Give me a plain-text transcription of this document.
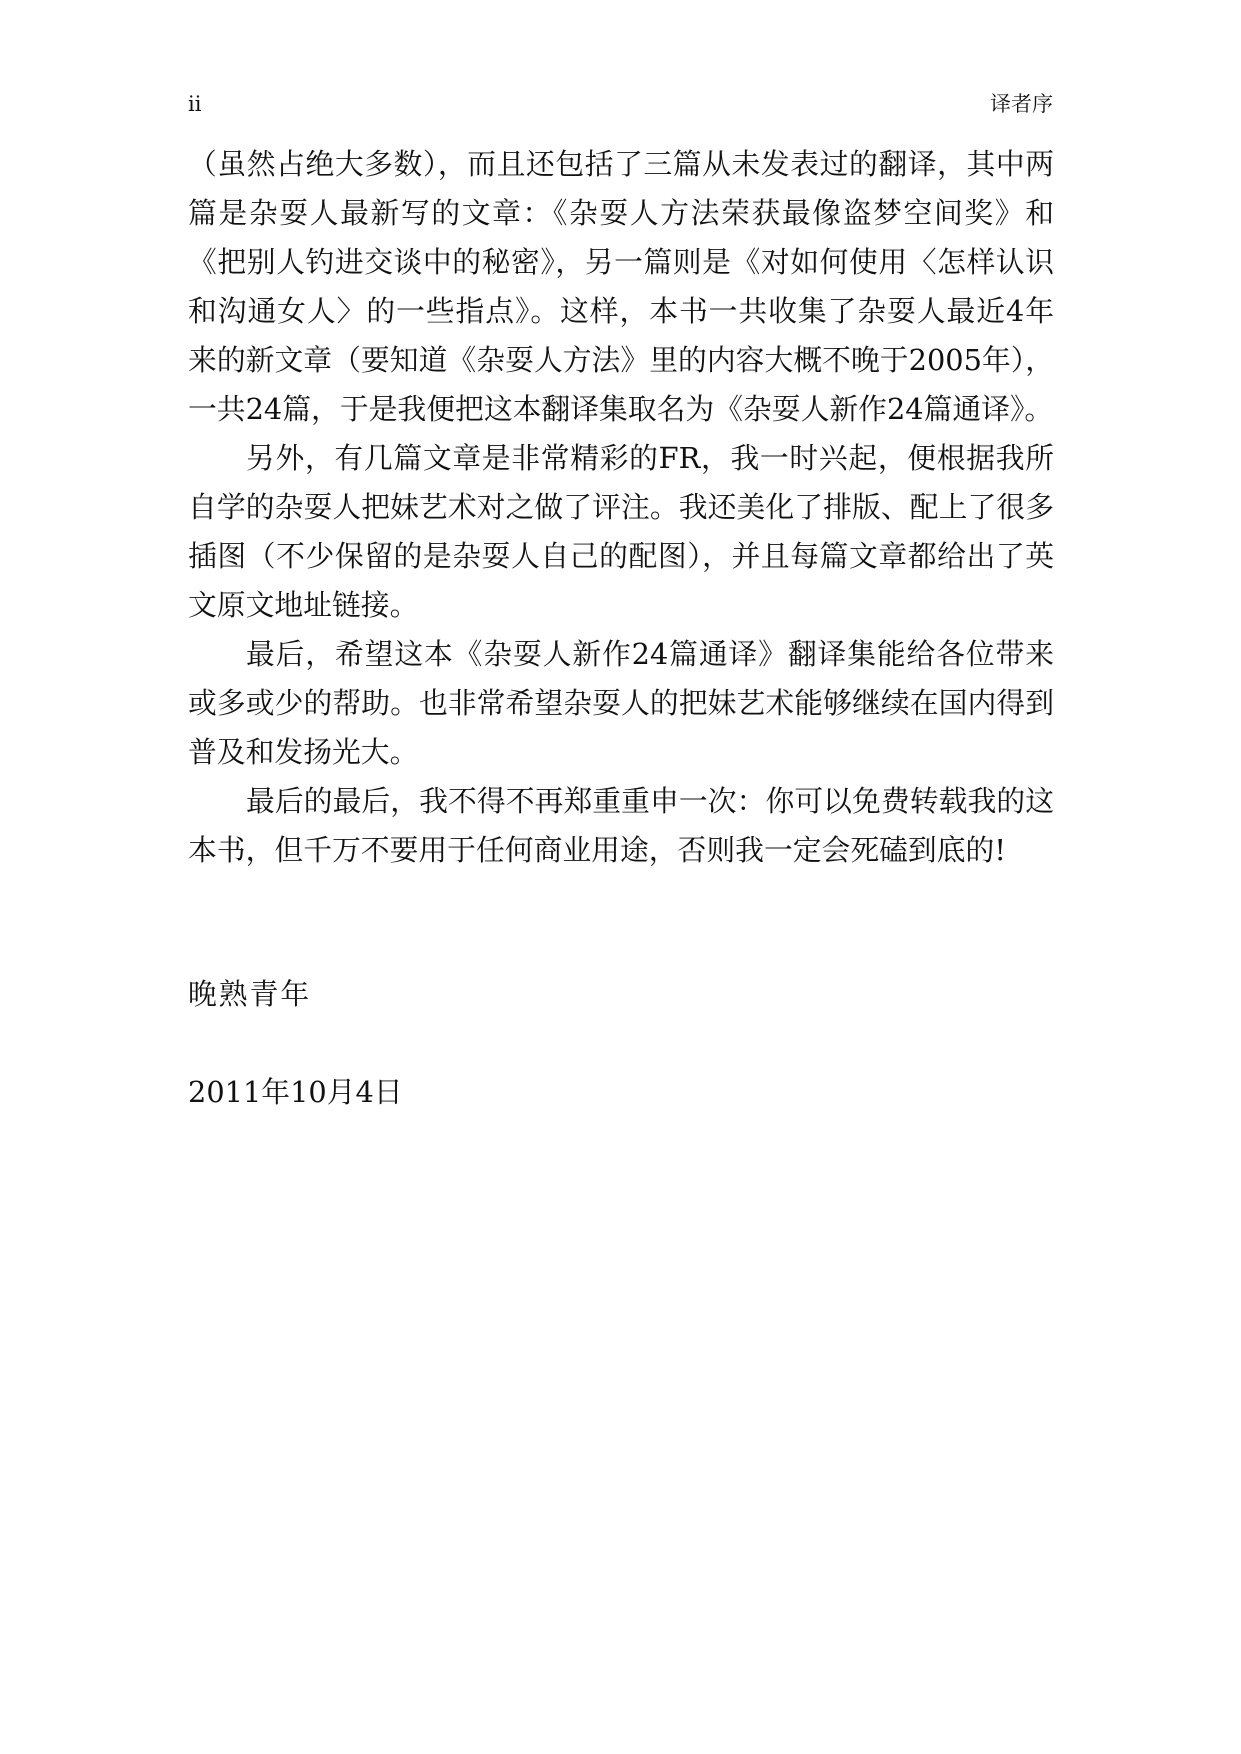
ii	译者序

（虽然占绝大多数），而且还包括了三篇从未发表过的翻译，其中两篇是杂耍人最新写的文章：《杂耍人方法荣获最像盗梦空间奖》和《把别人钓进交谈中的秘密》，另一篇则是《对如何使用〈怎样认识和沟通女人〉的一些指点》。这样，本书一共收集了杂耍人最近4年来的新文章（要知道《杂耍人方法》里的内容大概不晚于2005年），一共24篇，于是我便把这本翻译集取名为《杂耍人新作24篇通译》。

另外，有几篇文章是非常精彩的FR，我一时兴起，便根据我所自学的杂耍人把妹艺术对之做了评注。我还美化了排版、配上了很多插图（不少保留的是杂耍人自己的配图），并且每篇文章都给出了英文原文地址链接。

最后，希望这本《杂耍人新作24篇通译》翻译集能给各位带来或多或少的帮助。也非常希望杂耍人的把妹艺术能够继续在国内得到普及和发扬光大。

最后的最后，我不得不再郑重重申一次：你可以免费转载我的这本书，但千万不要用于任何商业用途，否则我一定会死磕到底的!

晚熟青年
2011年10月4日
